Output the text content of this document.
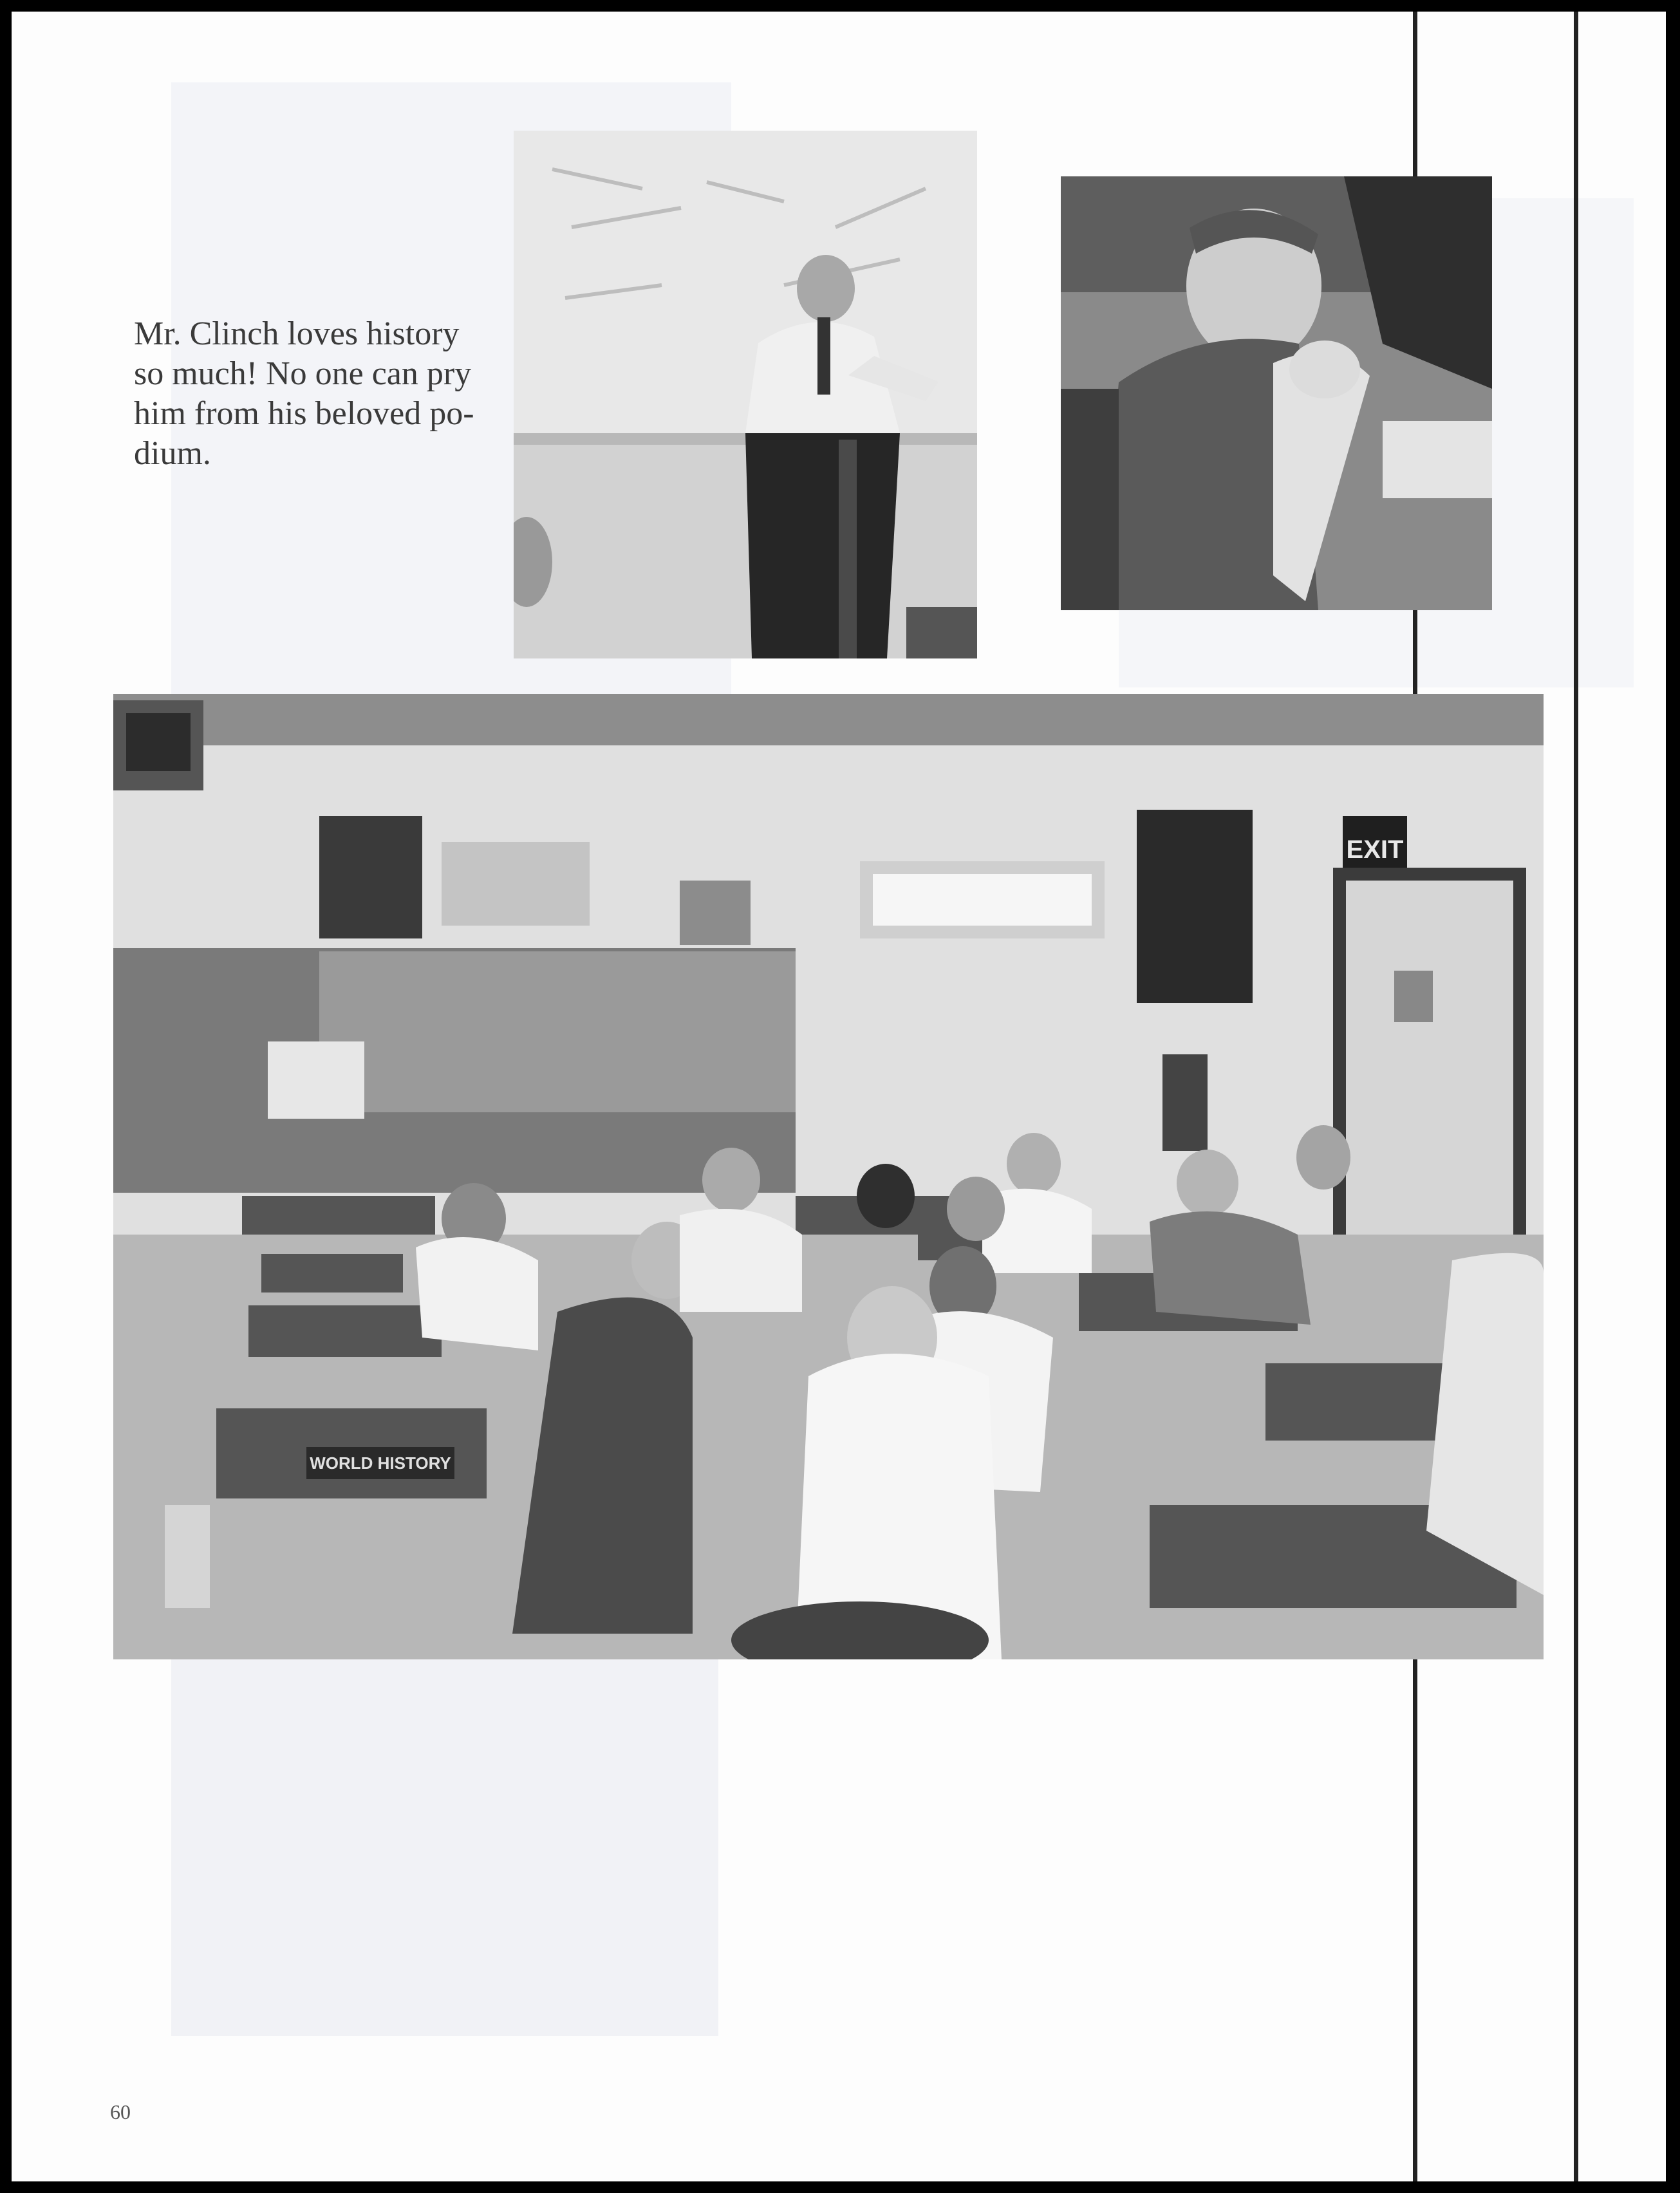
Mr. Clinch loves history
so much! No one can pry
him from his beloved po-
dium.

EXIT
WORLD HISTORY
60
